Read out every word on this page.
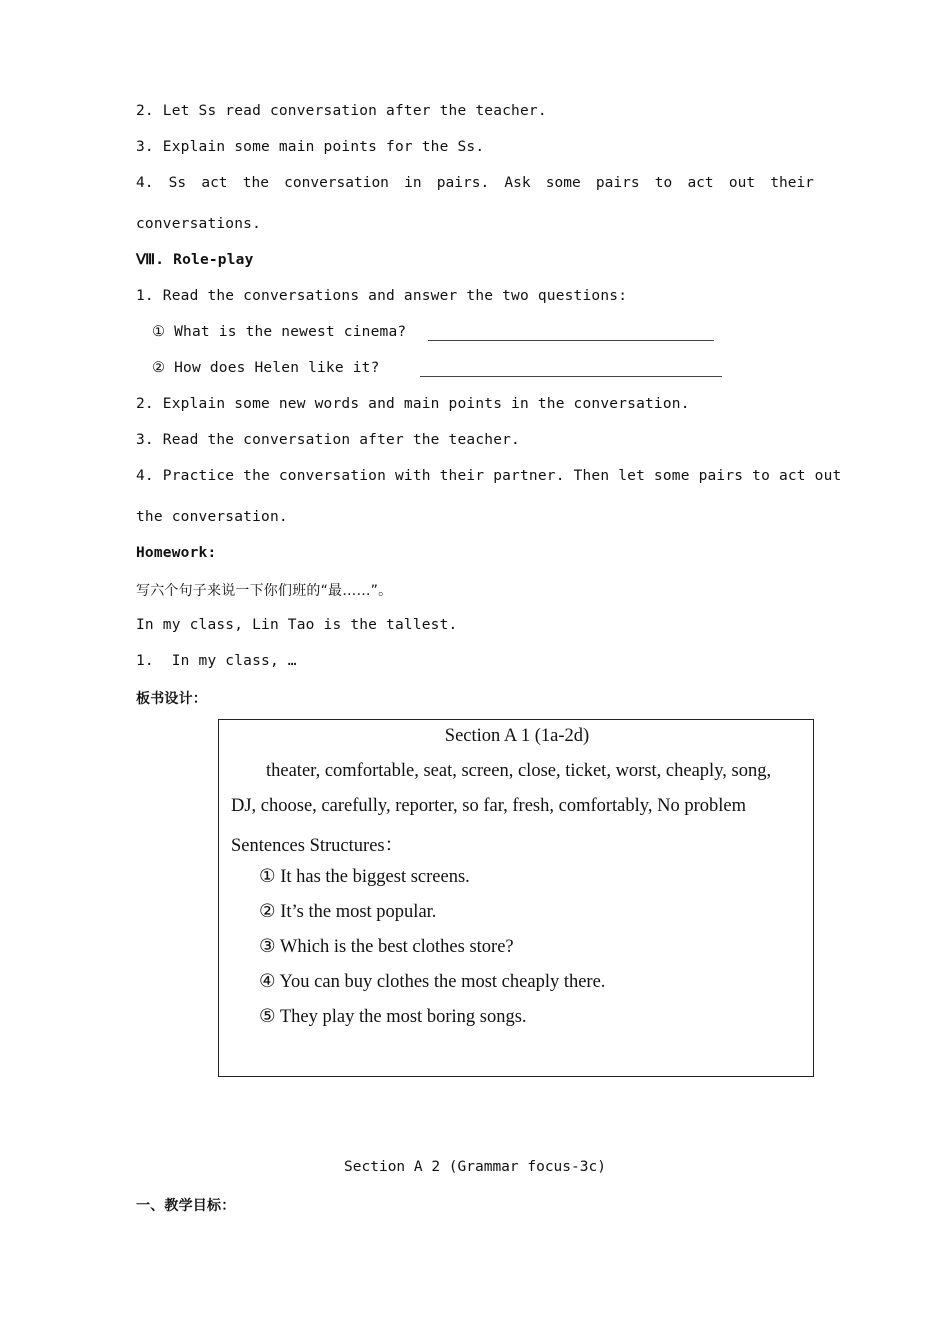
2. Let Ss read conversation after the teacher.
3. Explain some main points for the Ss.
4. Ss act the conversation in pairs. Ask some pairs to act out their
conversations.
Ⅷ. Role-play
1. Read the conversations and answer the two questions:
① What is the newest cinema?
② How does Helen like it?
2. Explain some new words and main points in the conversation.
3. Read the conversation after the teacher.
4. Practice the conversation with their partner. Then let some pairs to act out
the conversation.
Homework:
写六个句子来说一下你们班的“最……”。
In my class, Lin Tao is the tallest.
1.  In my class, …
板书设计：
Section A 1 (1a-2d)
theater, comfortable, seat, screen, close, ticket, worst, cheaply, song,
DJ, choose, carefully, reporter, so far, fresh, comfortably, No problem
Sentences Structures：
① It has the biggest screens.
② It’s the most popular.
③ Which is the best clothes store?
④ You can buy clothes the most cheaply there.
⑤ They play the most boring songs.
Section A 2 (Grammar focus-3c)
一、教学目标：
